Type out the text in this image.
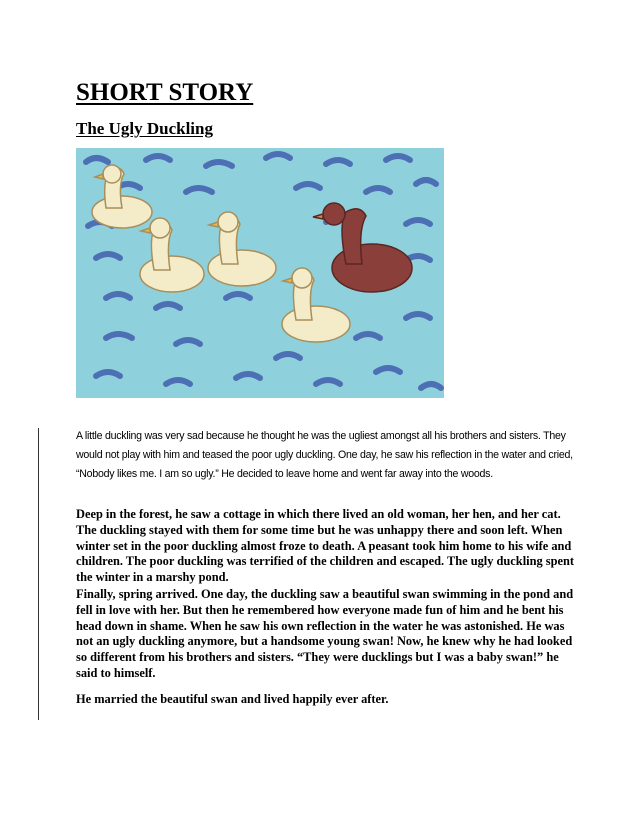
SHORT STORY
The Ugly Duckling

A little duckling was very sad because he thought he was the ugliest amongst all his brothers and sisters. They would not play with him and teased the poor ugly duckling. One day, he saw his reflection in the water and cried, “Nobody likes me. I am so ugly.” He decided to leave home and went far away into the woods.

Deep in the forest, he saw a cottage in which there lived an old woman, her hen, and her cat. The duckling stayed with them for some time but he was unhappy there and soon left. When winter set in the poor duckling almost froze to death. A peasant took him home to his wife and children. The poor duckling was terrified of the children and escaped. The ugly duckling spent the winter in a marshy pond.

Finally, spring arrived. One day, the duckling saw a beautiful swan swimming in the pond and fell in love with her. But then he remembered how everyone made fun of him and he bent his head down in shame. When he saw his own reflection in the water he was astonished. He was not an ugly duckling anymore, but a handsome young swan! Now, he knew why he had looked so different from his brothers and sisters. “They were ducklings but I was a baby swan!” he said to himself.

He married the beautiful swan and lived happily ever after.
